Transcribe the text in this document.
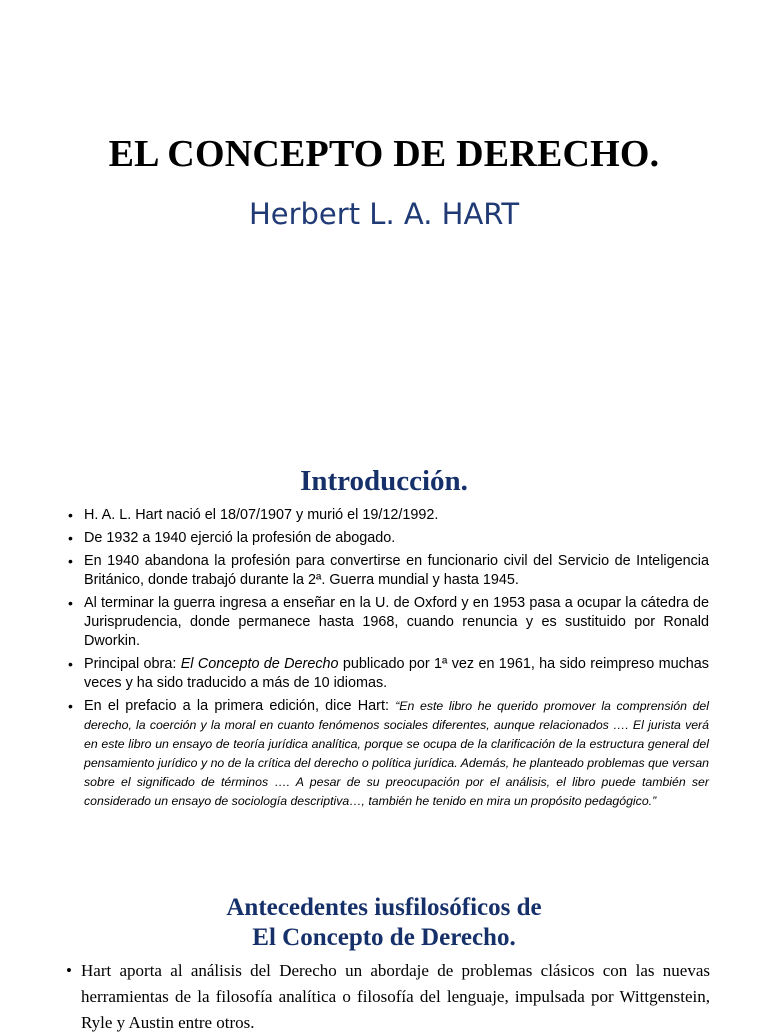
EL CONCEPTO DE DERECHO.
Herbert L. A. HART
Introducción.
• H. A. L. Hart nació el 18/07/1907 y murió el 19/12/1992.
• De 1932 a 1940 ejerció la profesión de abogado.
• En 1940 abandona la profesión para convertirse en funcionario civil del Servicio de Inteligencia Británico, donde trabajó durante la 2ª. Guerra mundial y hasta 1945.
• Al terminar la guerra ingresa a enseñar en la U. de Oxford y en 1953 pasa a ocupar la cátedra de Jurisprudencia, donde permanece hasta 1968, cuando renuncia y es sustituido por Ronald Dworkin.
• Principal obra: El Concepto de Derecho publicado por 1ª vez en 1961, ha sido reimpreso muchas veces y ha sido traducido a más de 10 idiomas.
• En el prefacio a la primera edición, dice Hart: “En este libro he querido promover la comprensión del derecho, la coerción y la moral en cuanto fenómenos sociales diferentes, aunque relacionados …. El jurista verá en este libro un ensayo de teoría jurídica analítica, porque se ocupa de la clarificación de la estructura general del pensamiento jurídico y no de la crítica del derecho o política jurídica. Además, he planteado problemas que versan sobre el significado de términos …. A pesar de su preocupación por el análisis, el libro puede también ser considerado un ensayo de sociología descriptiva…, también he tenido en mira un propósito pedagógico.”
Antecedentes iusfilosóficos de
El Concepto de Derecho.
• Hart aporta al análisis del Derecho un abordaje de problemas clásicos con las nuevas herramientas de la filosofía analítica o filosofía del lenguaje, impulsada por Wittgenstein, Ryle y Austin entre otros.
